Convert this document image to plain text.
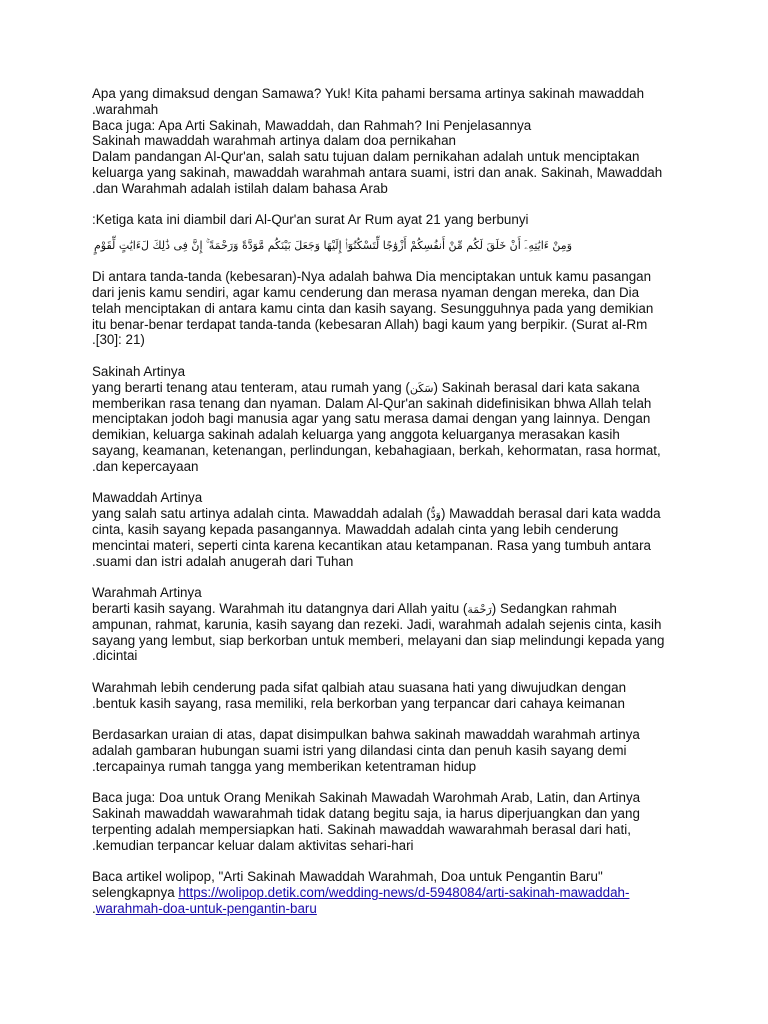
Apa yang dimaksud dengan Samawa? Yuk! Kita pahami bersama artinya sakinah mawaddah
.warahmah
Baca juga: Apa Arti Sakinah, Mawaddah, dan Rahmah? Ini Penjelasannya
Sakinah mawaddah warahmah artinya dalam doa pernikahan
Dalam pandangan Al-Qur'an, salah satu tujuan dalam pernikahan adalah untuk menciptakan
keluarga yang sakinah, mawaddah warahmah antara suami, istri dan anak. Sakinah, Mawaddah
.dan Warahmah adalah istilah dalam bahasa Arab
:Ketiga kata ini diambil dari Al-Qur'an surat Ar Rum ayat 21 yang berbunyi
وَمِنْ ءَايَٰتِهِۦٓ أَنْ خَلَقَ لَكُم مِّنْ أَنفُسِكُمْ أَزْوَٰجًا لِّتَسْكُنُوٓا۟ إِلَيْهَا وَجَعَلَ بَيْنَكُم مَّوَدَّةً وَرَحْمَةً ۚ إِنَّ فِى ذَٰلِكَ لَءَايَٰتٍ لِّقَوْمٍ
Di antara tanda-tanda (kebesaran)-Nya adalah bahwa Dia menciptakan untuk kamu pasangan
dari jenis kamu sendiri, agar kamu cenderung dan merasa nyaman dengan mereka, dan Dia
telah menciptakan di antara kamu cinta dan kasih sayang. Sesungguhnya pada yang demikian
itu benar-benar terdapat tanda-tanda (kebesaran Allah) bagi kaum yang berpikir. (Surat al-Rm
.[30]: 21)
Sakinah Artinya
yang berarti tenang atau tenteram, atau rumah yang (سَكَن) Sakinah berasal dari kata sakana
memberikan rasa tenang dan nyaman. Dalam Al-Qur'an sakinah didefinisikan bhwa Allah telah
menciptakan jodoh bagi manusia agar yang satu merasa damai dengan yang lainnya. Dengan
demikian, keluarga sakinah adalah keluarga yang anggota keluarganya merasakan kasih
sayang, keamanan, ketenangan, perlindungan, kebahagiaan, berkah, kehormatan, rasa hormat,
.dan kepercayaan
Mawaddah Artinya
yang salah satu artinya adalah cinta. Mawaddah adalah (وَدُّ) Mawaddah berasal dari kata wadda
cinta, kasih sayang kepada pasangannya. Mawaddah adalah cinta yang lebih cenderung
mencintai materi, seperti cinta karena kecantikan atau ketampanan. Rasa yang tumbuh antara
.suami dan istri adalah anugerah dari Tuhan
Warahmah Artinya
berarti kasih sayang. Warahmah itu datangnya dari Allah yaitu (رَحْمَة) Sedangkan rahmah
ampunan, rahmat, karunia, kasih sayang dan rezeki. Jadi, warahmah adalah sejenis cinta, kasih
sayang yang lembut, siap berkorban untuk memberi, melayani dan siap melindungi kepada yang
.dicintai
Warahmah lebih cenderung pada sifat qalbiah atau suasana hati yang diwujudkan dengan
.bentuk kasih sayang, rasa memiliki, rela berkorban yang terpancar dari cahaya keimanan
Berdasarkan uraian di atas, dapat disimpulkan bahwa sakinah mawaddah warahmah artinya
adalah gambaran hubungan suami istri yang dilandasi cinta dan penuh kasih sayang demi
.tercapainya rumah tangga yang memberikan ketentraman hidup
Baca juga: Doa untuk Orang Menikah Sakinah Mawadah Warohmah Arab, Latin, dan Artinya
Sakinah mawaddah wawarahmah tidak datang begitu saja, ia harus diperjuangkan dan yang
terpenting adalah mempersiapkan hati. Sakinah mawaddah wawarahmah berasal dari hati,
.kemudian terpancar keluar dalam aktivitas sehari-hari
Baca artikel wolipop, "Arti Sakinah Mawaddah Warahmah, Doa untuk Pengantin Baru"
selengkapnya https://wolipop.detik.com/wedding-news/d-5948084/arti-sakinah-mawaddah-
.warahmah-doa-untuk-pengantin-baru
